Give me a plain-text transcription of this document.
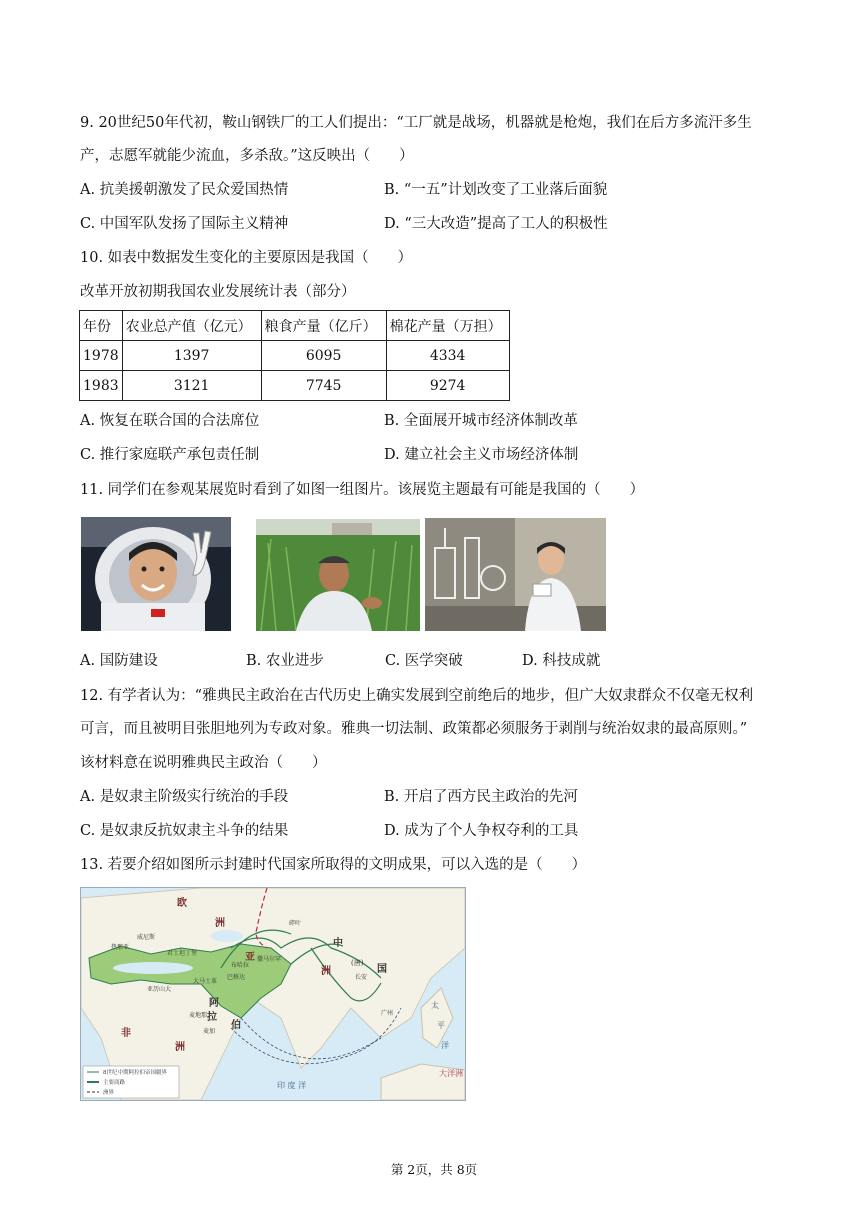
9. 20世纪50年代初，鞍山钢铁厂的工人们提出：“工厂就是战场，机器就是枪炮，我们在后方多流汗多生
产，志愿军就能少流血，多杀敌。”这反映出（　　）
A. 抗美援朝激发了民众爱国热情	B. “一五”计划改变了工业落后面貌
C. 中国军队发扬了国际主义精神	D. “三大改造”提高了工人的积极性
10. 如表中数据发生变化的主要原因是我国（　　）
改革开放初期我国农业发展统计表（部分）
年份	农业总产值（亿元）	粮食产量（亿斤）	棉花产量（万担）
1978	1397	6095	4334
1983	3121	7745	9274
A. 恢复在联合国的合法席位	B. 全面展开城市经济体制改革
C. 推行家庭联产承包责任制	D. 建立社会主义市场经济体制
11. 同学们在参观某展览时看到了如图一组图片。该展览主题最有可能是我国的（　　）
A. 国防建设	B. 农业进步	C. 医学突破	D. 科技成就
12. 有学者认为：“雅典民主政治在古代历史上确实发展到空前绝后的地步，但广大奴隶群众不仅毫无权利
可言，而且被明目张胆地列为专政对象。雅典一切法制、政策都必须服务于剥削与统治奴隶的最高原则。”
该材料意在说明雅典民主政治（　　）
A. 是奴隶主阶级实行统治的手段	B. 开启了西方民主政治的先河
C. 是奴隶反抗奴隶主斗争的结果	D. 成为了个人争权夺利的工具
13. 若要介绍如图所示封建时代国家所取得的文明成果，可以入选的是（　　）
欧
洲
亚
洲
非
洲
中
(唐)
国
阿
拉
伯
印 度 洋
太
平
洋
大洋洲
威尼斯
热那亚
君士坦丁堡
亚历山大
大马士革
巴格达
麦加
撒马尔罕
碎叶
长安
广州
麦地那
布哈拉
8世纪中期阿拉伯帝国疆界
主要商路
洲界
第 2页，共 8页
